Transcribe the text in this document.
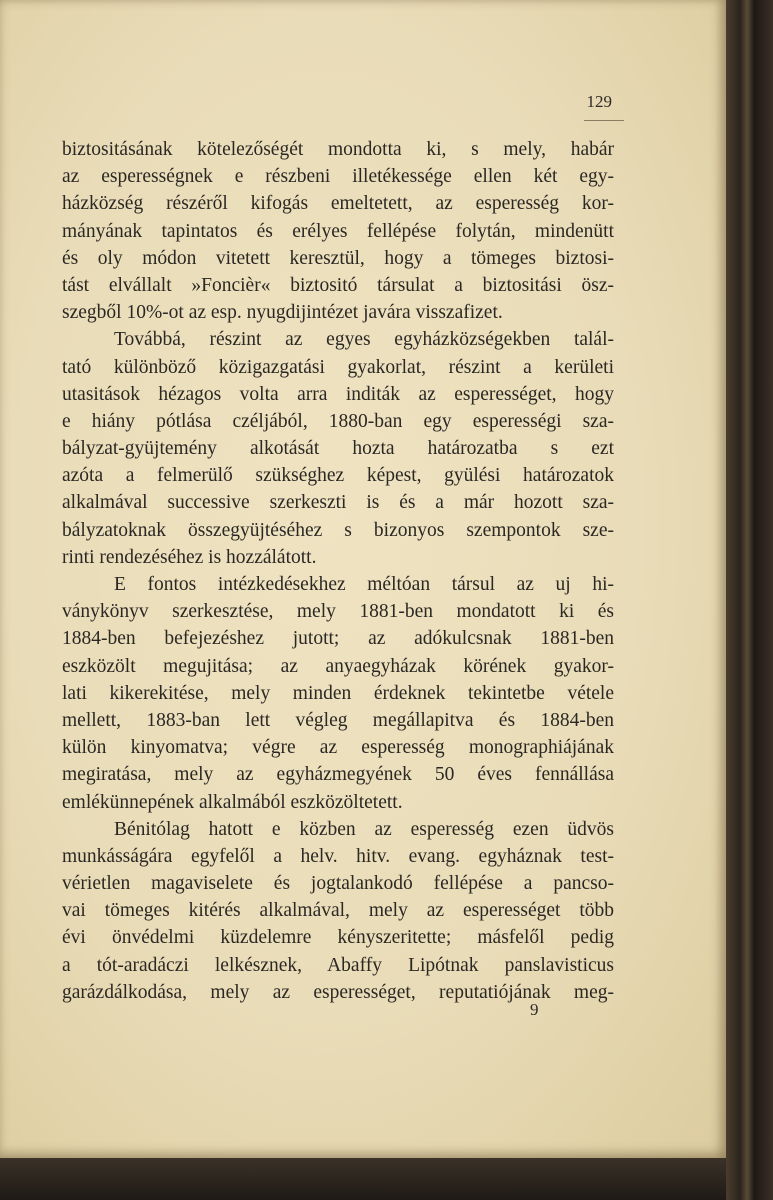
129
biztositásának kötelezőségét mondotta ki, s mely, habár
az esperességnek e részbeni illetékessége ellen két egy-
házközség részéről kifogás emeltetett, az esperesség kor-
mányának tapintatos és erélyes fellépése folytán, mindenütt
és oly módon vitetett keresztül, hogy a tömeges biztosi-
tást elvállalt »Foncièr« biztositó társulat a biztositási ösz-
szegből 10%-ot az esp. nyugdijintézet javára visszafizet.
Továbbá, részint az egyes egyházközségekben talál-
tató különböző közigazgatási gyakorlat, részint a kerületi
utasitások hézagos volta arra inditák az esperességet, hogy
e hiány pótlása czéljából, 1880-ban egy esperességi sza-
bályzat-gyüjtemény alkotását hozta határozatba s ezt
azóta a felmerülő szükséghez képest, gyülési határozatok
alkalmával successive szerkeszti is és a már hozott sza-
bályzatoknak összegyüjtéséhez s bizonyos szempontok sze-
rinti rendezéséhez is hozzálátott.
E fontos intézkedésekhez méltóan társul az uj hi-
ványkönyv szerkesztése, mely 1881-ben mondatott ki és
1884-ben befejezéshez jutott; az adókulcsnak 1881-ben
eszközölt megujitása; az anyaegyházak körének gyakor-
lati kikerekitése, mely minden érdeknek tekintetbe vétele
mellett, 1883-ban lett végleg megállapitva és 1884-ben
külön kinyomatva; végre az esperesség monographiájának
megiratása, mely az egyházmegyének 50 éves fennállása
emlékünnepének alkalmából eszközöltetett.
Bénitólag hatott e közben az esperesség ezen üdvös
munkásságára egyfelől a helv. hitv. evang. egyháznak test-
vérietlen magaviselete és jogtalankodó fellépése a pancso-
vai tömeges kitérés alkalmával, mely az esperességet több
évi önvédelmi küzdelemre kényszeritette; másfelől pedig
a tót-aradáczi lelkésznek, Abaffy Lipótnak panslavisticus
garázdálkodása, mely az esperességet, reputatiójának meg-
9
